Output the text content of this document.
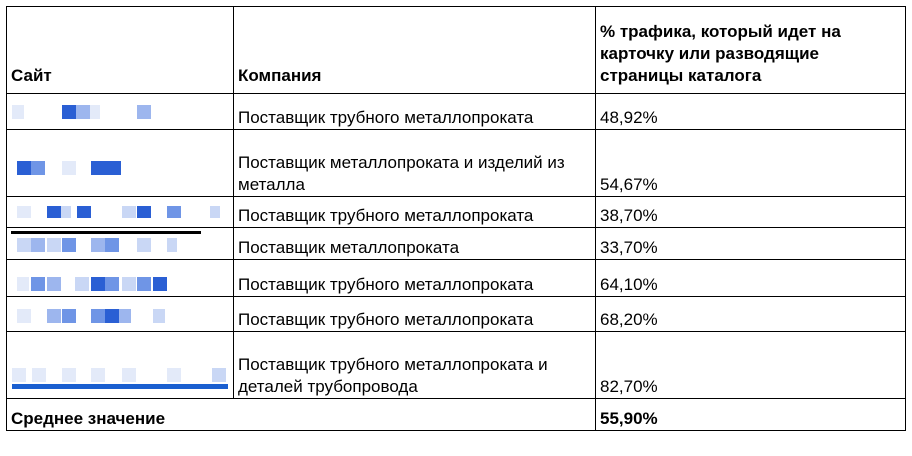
Сайт	Компания	% трафика, который идет на карточку или разводящие страницы каталога

	Поставщик трубного металлопроката	48,92%

	Поставщик металлопроката и изделий из металла	54,67%

	Поставщик трубного металлопроката	38,70%

	Поставщик металлопроката	33,70%

	Поставщик трубного металлопроката	64,10%

	Поставщик трубного металлопроката	68,20%

	Поставщик трубного металлопроката и деталей трубопровода	82,70%
Среднее значение		55,90%
